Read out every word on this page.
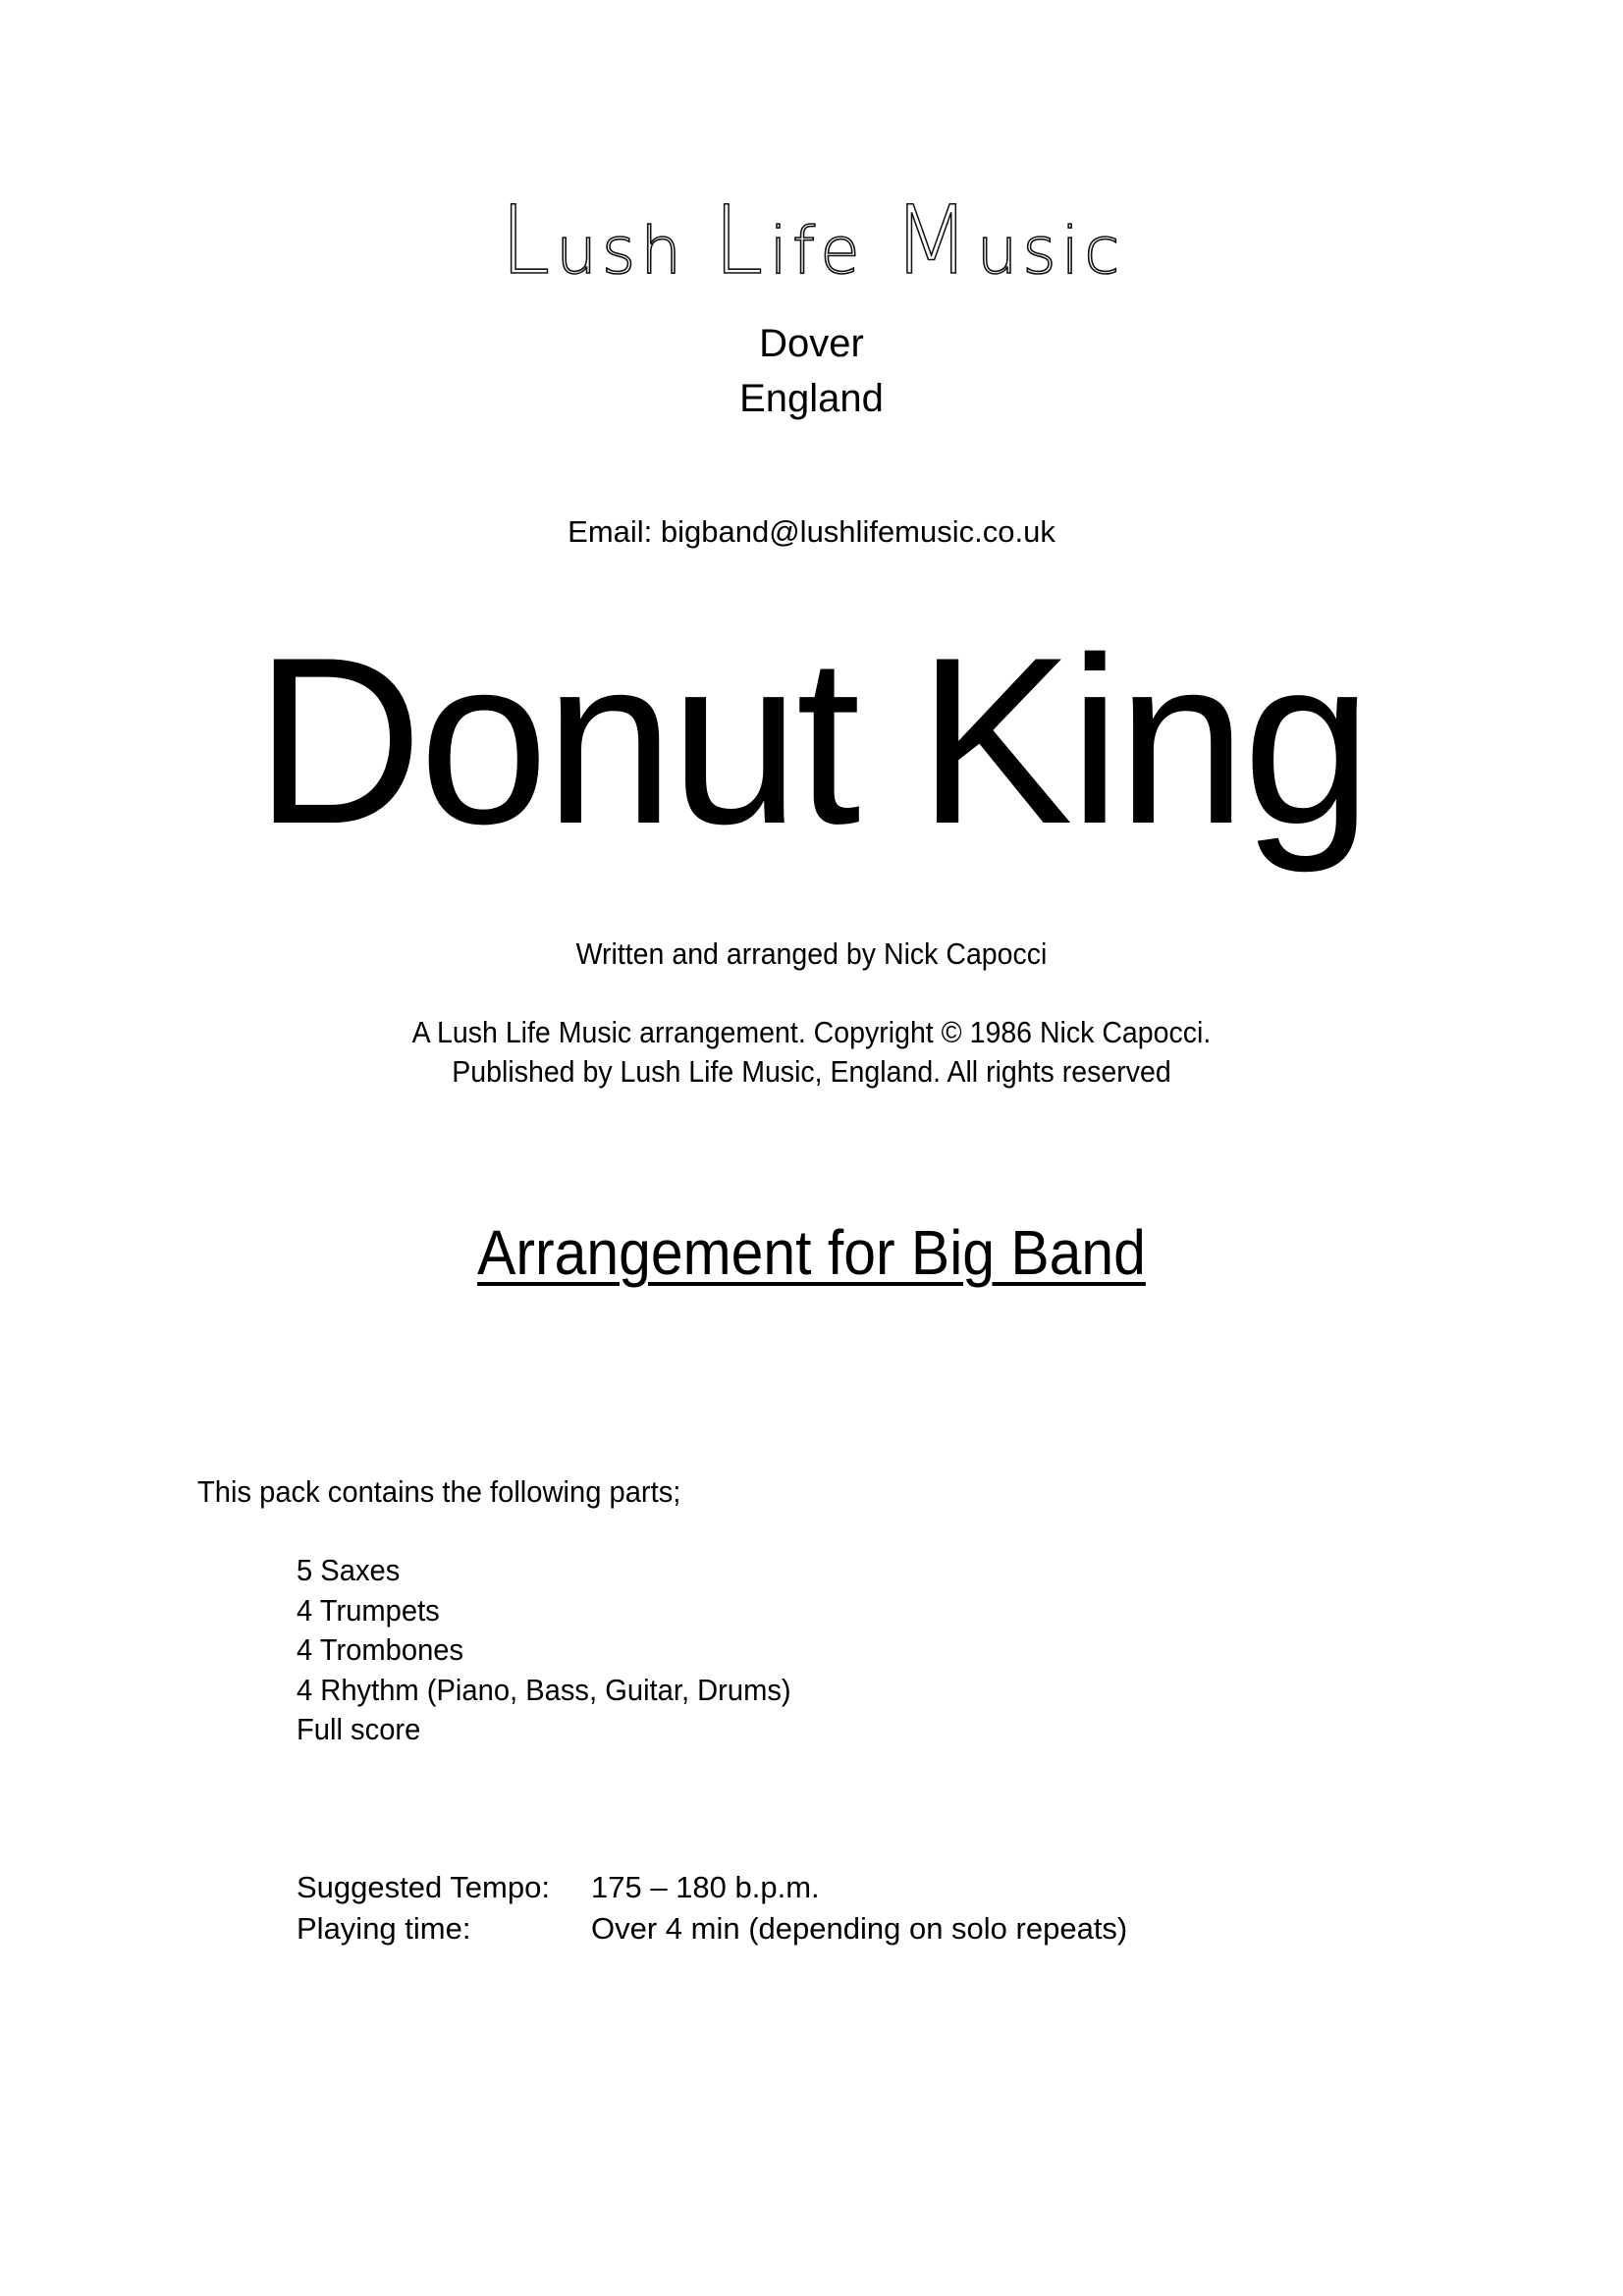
Lush Life Music
Dover
England
Email: bigband@lushlifemusic.co.uk
Donut King
Written and arranged by Nick Capocci
A Lush Life Music arrangement. Copyright © 1986 Nick Capocci.
Published by Lush Life Music, England. All rights reserved
Arrangement for Big Band
This pack contains the following parts;
5 Saxes
4 Trumpets
4 Trombones
4 Rhythm (Piano, Bass, Guitar, Drums)
Full score
Suggested Tempo:	175 – 180 b.p.m.
Playing time:	Over 4 min (depending on solo repeats)
